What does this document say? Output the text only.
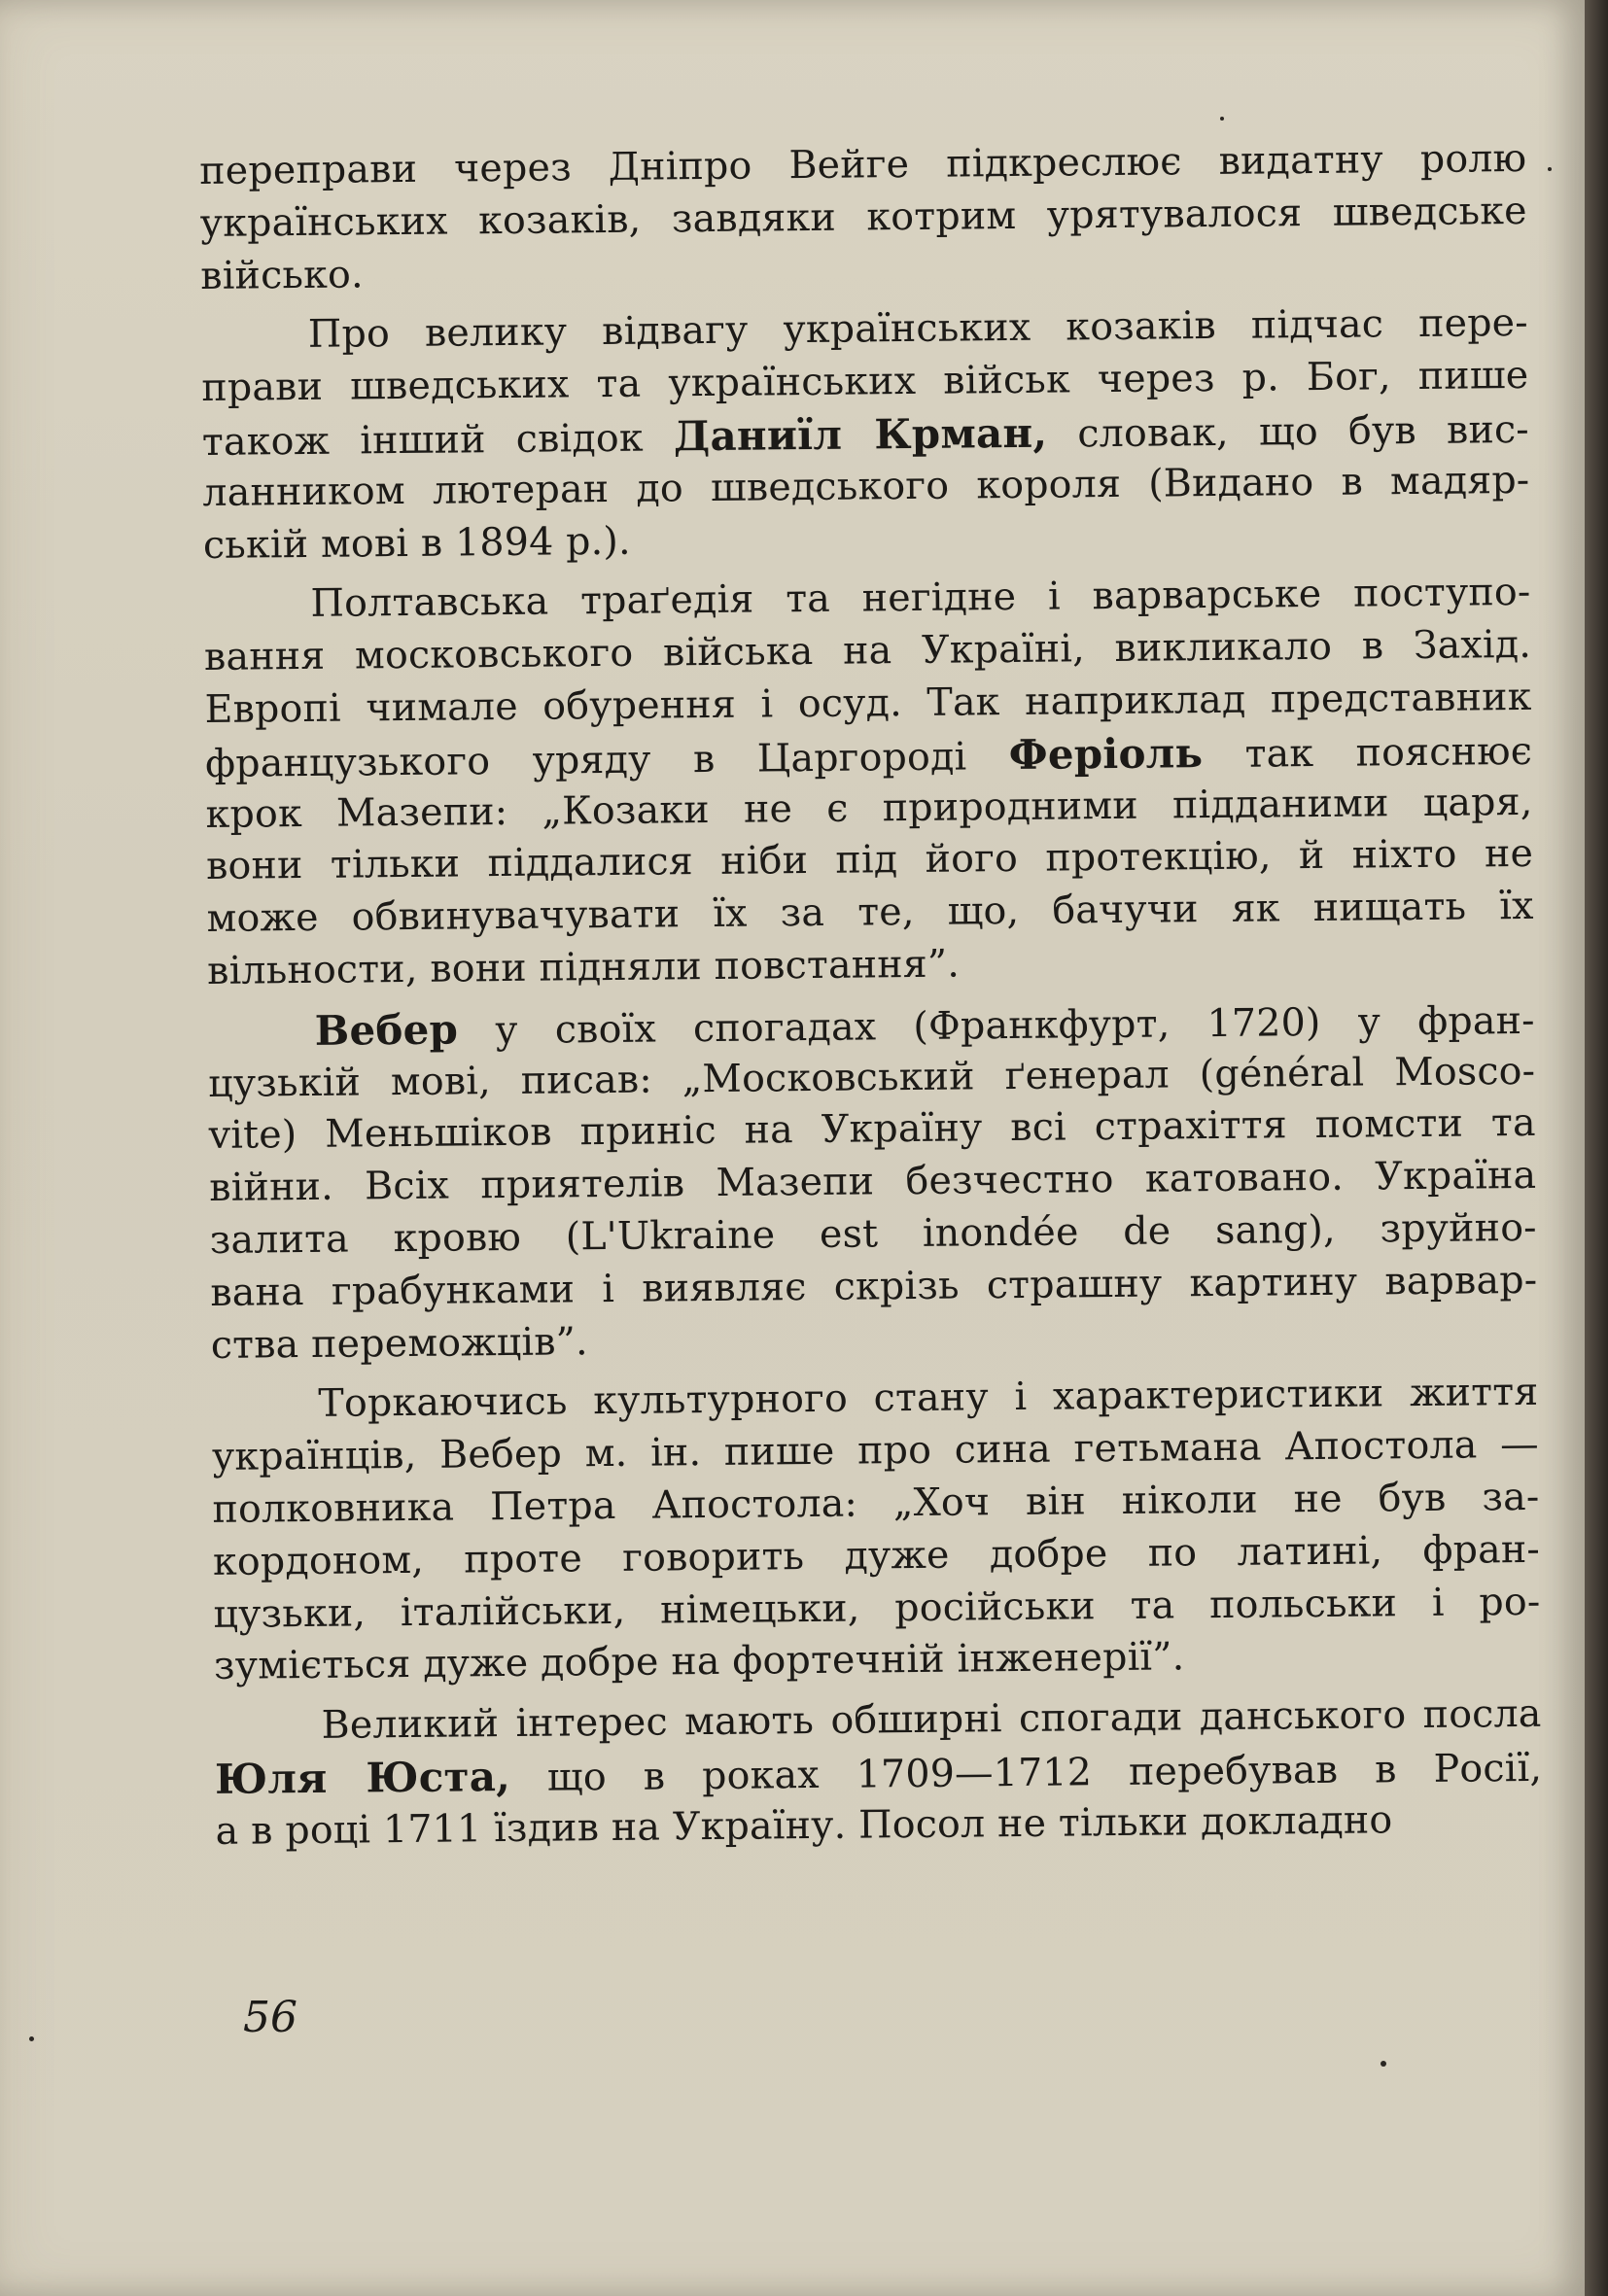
переправи через Дніпро Вейге підкреслює видатну ролю
українських козаків, завдяки котрим урятувалося шведське
військо.
Про велику відвагу українських козаків підчас пере-
прави шведських та українських військ через р. Бог, пише
також інший свідок Даниїл Крман, словак, що був вис-
ланником лютеран до шведського короля (Видано в мадяр-
ській мові в 1894 р.).
Полтавська траґедія та негідне і варварське поступо-
вання московського війська на Україні, викликало в Захід.
Европі чимале обурення і осуд. Так наприклад представник
французького уряду в Царгороді Феріоль так пояснює
крок Мазепи: „Козаки не є природними підданими царя,
вони тільки піддалися ніби під його протекцію, й ніхто не
може обвинувачувати їх за те, що, бачучи як нищать їх
вільности, вони підняли повстання”.
Вебер у своїх спогадах (Франкфурт, 1720) у фран-
цузькій мові, писав: „Московський ґенерал (général Mosco-
vite) Меньшіков приніс на Україну всі страхіття помсти та
війни. Всіх приятелів Мазепи безчестно катовано. Україна
залита кровю (L'Ukraine est inondée de sang), зруйно-
вана грабунками і виявляє скрізь страшну картину варвар-
ства переможців”.
Торкаючись культурного стану і характеристики життя
українців, Вебер м. ін. пише про сина гетьмана Апостола —
полковника Петра Апостола: „Хоч він ніколи не був за-
кордоном, проте говорить дуже добре по латині, фран-
цузьки, італійськи, німецьки, російськи та польськи і ро-
зуміється дуже добре на фортечній інженерії”.
Великий інтерес мають обширні спогади данського посла
Юля Юста, що в роках 1709—1712 перебував в Росії,
а в році 1711 їздив на Україну. Посол не тільки докладно
56
